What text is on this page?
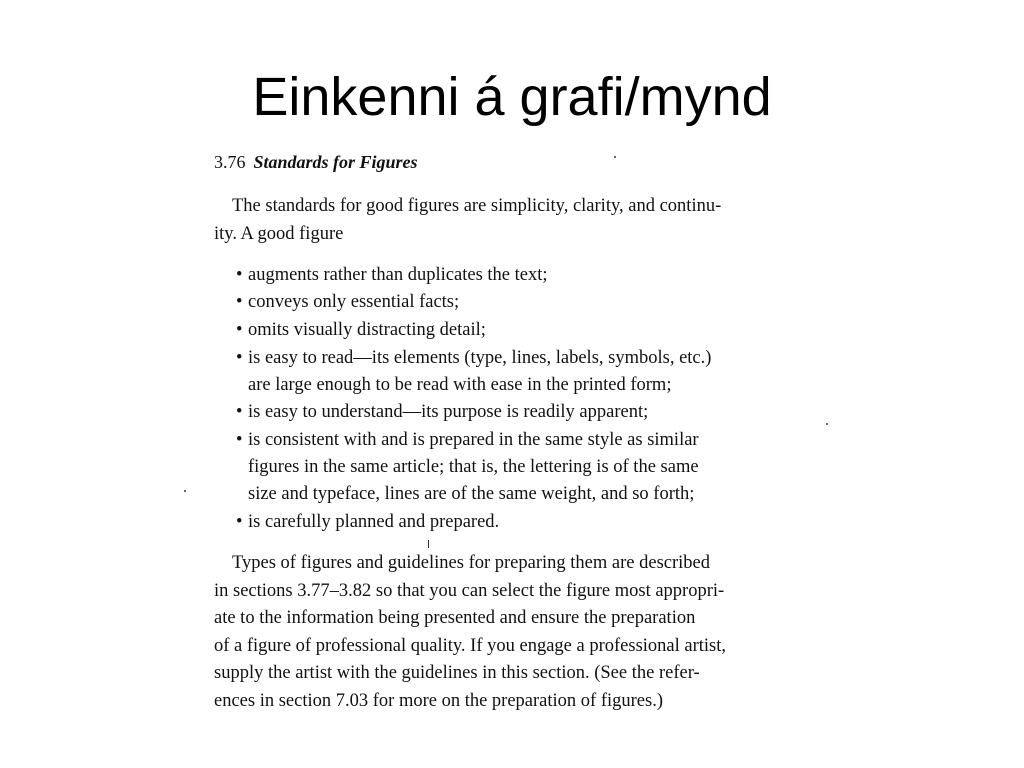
Einkenni á grafi/mynd
3.76 Standards for Figures
The standards for good figures are simplicity, clarity, and continu-
ity. A good figure
• augments rather than duplicates the text;
• conveys only essential facts;
• omits visually distracting detail;
• is easy to read—its elements (type, lines, labels, symbols, etc.)
are large enough to be read with ease in the printed form;
• is easy to understand—its purpose is readily apparent;
• is consistent with and is prepared in the same style as similar
figures in the same article; that is, the lettering is of the same
size and typeface, lines are of the same weight, and so forth;
• is carefully planned and prepared.
Types of figures and guidelines for preparing them are described
in sections 3.77–3.82 so that you can select the figure most appropri-
ate to the information being presented and ensure the preparation
of a figure of professional quality. If you engage a professional artist,
supply the artist with the guidelines in this section. (See the refer-
ences in section 7.03 for more on the preparation of figures.)
